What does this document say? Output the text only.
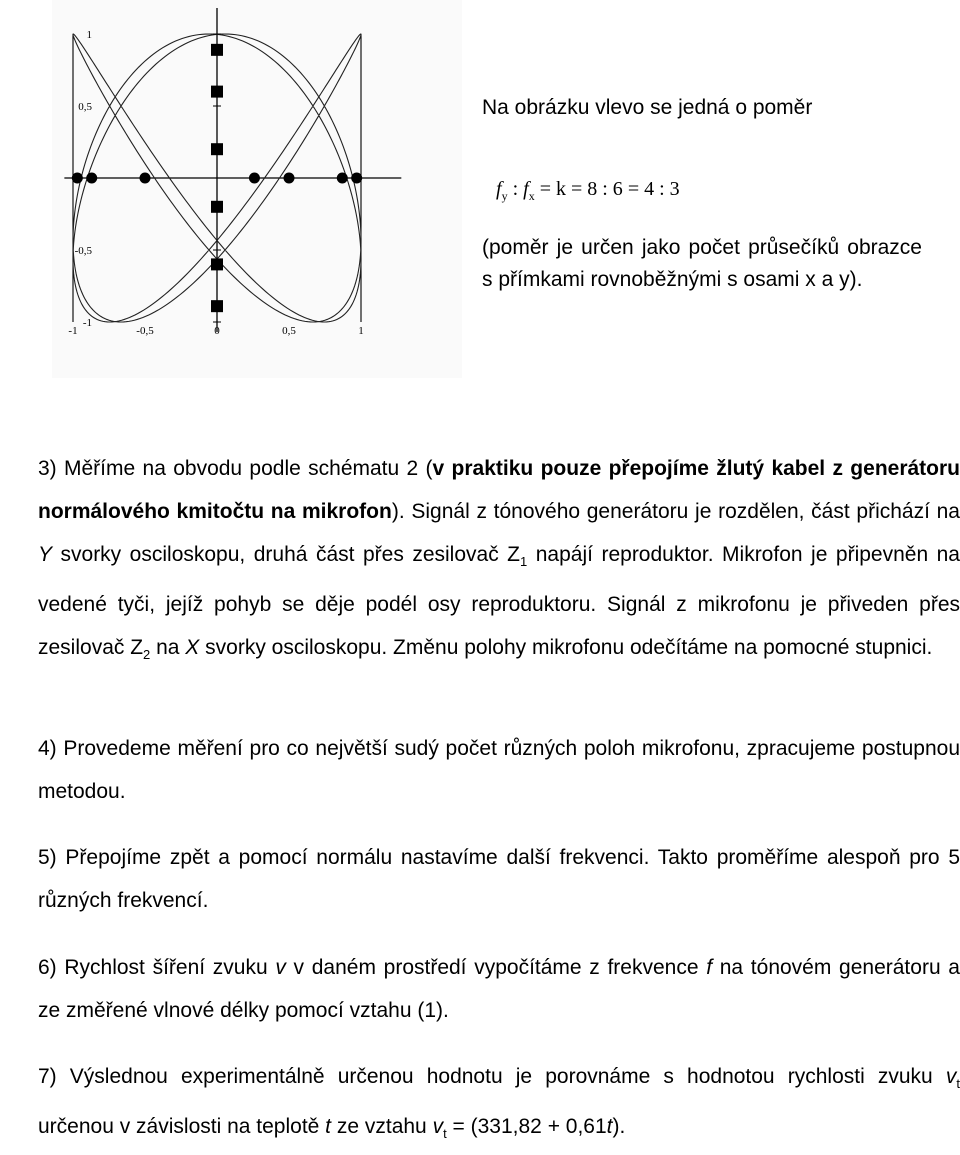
1
0,5
-0,5
-1
-1	-0,5	0	0,5	1

Na obrázku vlevo se jedná o poměr

$f_y$ : $f_x = k = 8$ : 6 = 4 : 3
(poměr je určen jako počet průsečíků obrazce s přímkami rovnoběžnými s osami x a y).
3) Měříme na obvodu podle schématu 2 (v praktiku pouze přepojíme žlutý kabel z generátoru normálového kmitočtu na mikrofon). Signál z tónového generátoru je rozdělen, část přichází na Y svorky osciloskopu, druhá část přes zesilovač $Z_1$ napájí reproduktor. Mikrofon je připevněn na vedené tyči, jejíž pohyb se děje podél osy reproduktoru. Signál z mikrofonu je přiveden přes zesilovač $Z_2$ na X svorky osciloskopu. Změnu polohy mikrofonu odečítáme na pomocné stupnici.
4) Provedeme měření pro co největší sudý počet různých poloh mikrofonu, zpracujeme postupnou metodou.
5) Přepojíme zpět a pomocí normálu nastavíme další frekvenci. Takto proměříme alespoň pro 5 různých frekvencí.
6) Rychlost šíření zvuku v v daném prostředí vypočítáme z frekvence f na tónovém generátoru a ze změřené vlnové délky pomocí vztahu (1).
7) Výslednou experimentálně určenou hodnotu je porovnáme s hodnotou rychlosti zvuku $v_t$ určenou v závislosti na teplotě t ze vztahu $v_t = (331,82 + 0,61t)$.
